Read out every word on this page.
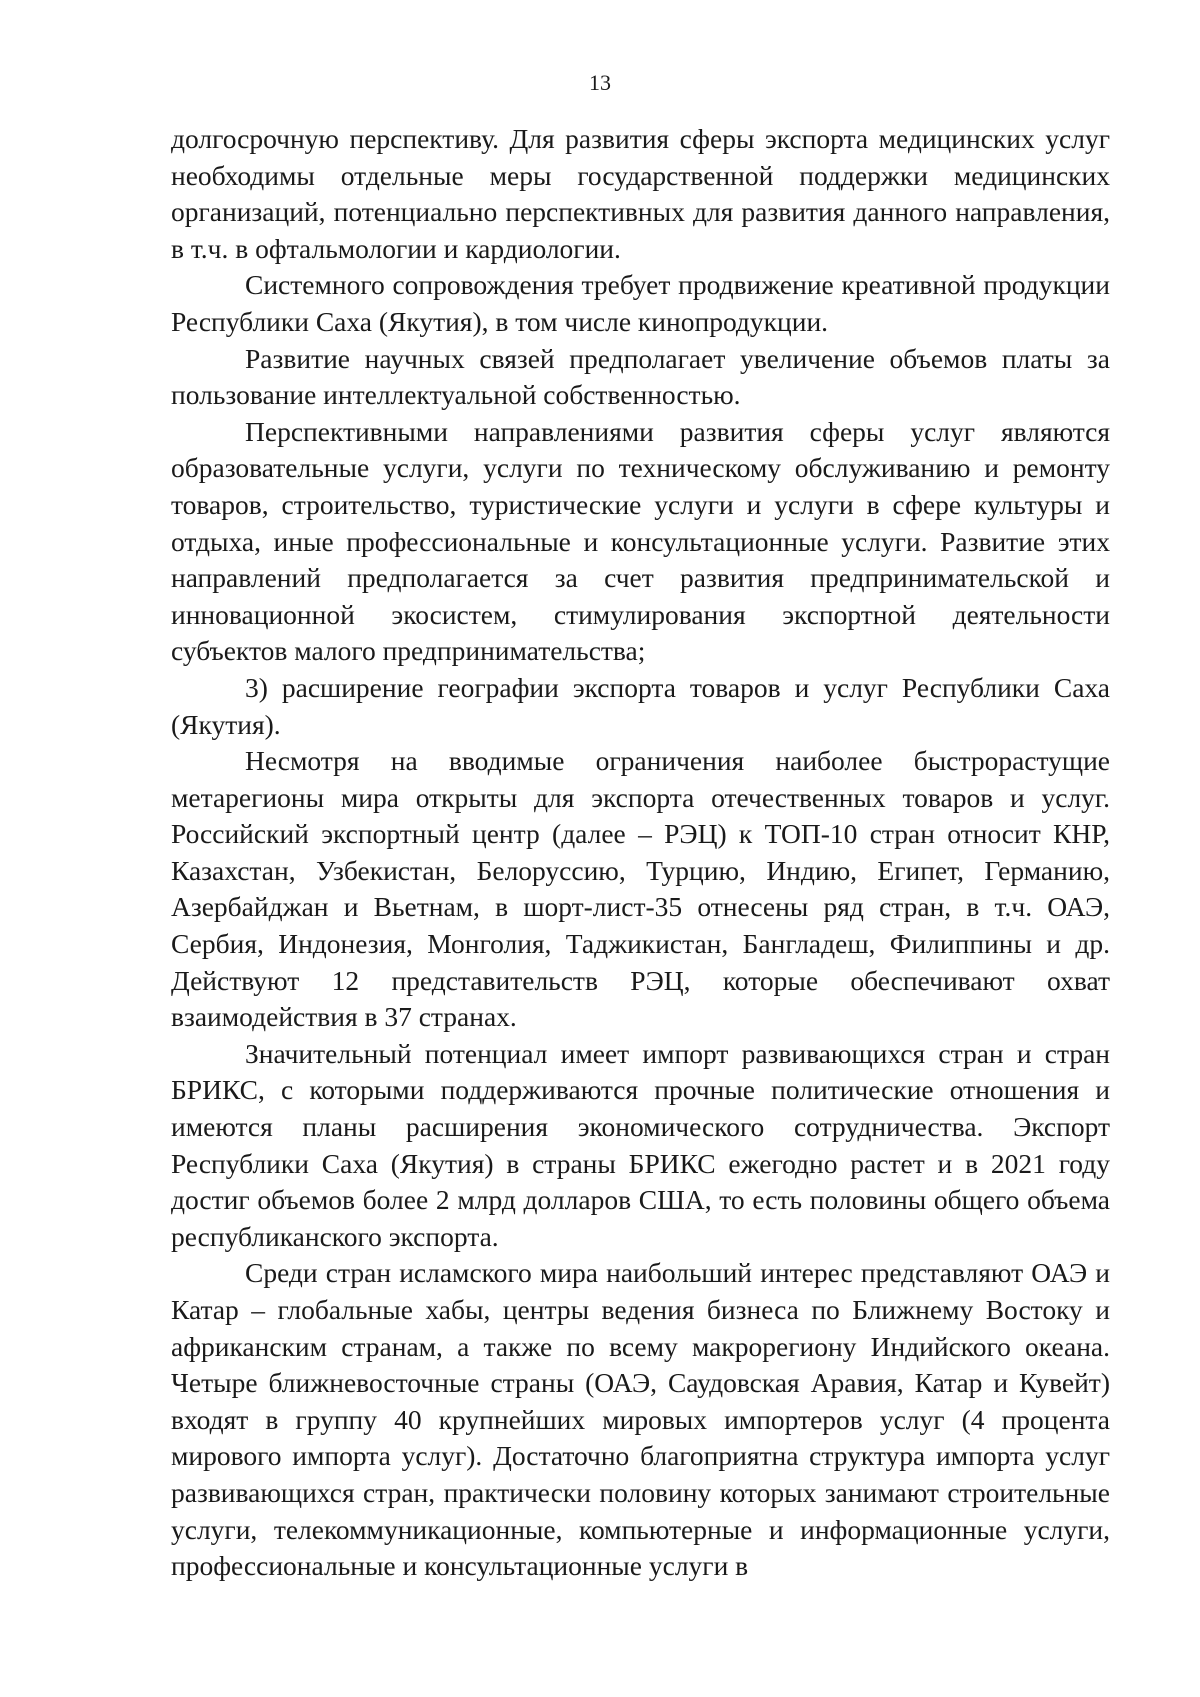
13

долгосрочную перспективу. Для развития сферы экспорта медицинских услуг необходимы отдельные меры государственной поддержки медицинских организаций, потенциально перспективных для развития данного направления, в т.ч. в офтальмологии и кардиологии.

Системного сопровождения требует продвижение креативной продукции Республики Саха (Якутия), в том числе кинопродукции.

Развитие научных связей предполагает увеличение объемов платы за пользование интеллектуальной собственностью.

Перспективными направлениями развития сферы услуг являются образовательные услуги, услуги по техническому обслуживанию и ремонту товаров, строительство, туристические услуги и услуги в сфере культуры и отдыха, иные профессиональные и консультационные услуги. Развитие этих направлений предполагается за счет развития предпринимательской и инновационной экосистем, стимулирования экспортной деятельности субъектов малого предпринимательства;

3) расширение географии экспорта товаров и услуг Республики Саха (Якутия).

Несмотря на вводимые ограничения наиболее быстрорастущие метарегионы мира открыты для экспорта отечественных товаров и услуг. Российский экспортный центр (далее – РЭЦ) к ТОП-10 стран относит КНР, Казахстан, Узбекистан, Белоруссию, Турцию, Индию, Египет, Германию, Азербайджан и Вьетнам, в шорт-лист-35 отнесены ряд стран, в т.ч. ОАЭ, Сербия, Индонезия, Монголия, Таджикистан, Бангладеш, Филиппины и др. Действуют 12 представительств РЭЦ, которые обеспечивают охват взаимодействия в 37 странах.

Значительный потенциал имеет импорт развивающихся стран и стран БРИКС, с которыми поддерживаются прочные политические отношения и имеются планы расширения экономического сотрудничества. Экспорт Республики Саха (Якутия) в страны БРИКС ежегодно растет и в 2021 году достиг объемов более 2 млрд долларов США, то есть половины общего объема республиканского экспорта.

Среди стран исламского мира наибольший интерес представляют ОАЭ и Катар – глобальные хабы, центры ведения бизнеса по Ближнему Востоку и африканским странам, а также по всему макрорегиону Индийского океана. Четыре ближневосточные страны (ОАЭ, Саудовская Аравия, Катар и Кувейт) входят в группу 40 крупнейших мировых импортеров услуг (4 процента мирового импорта услуг). Достаточно благоприятна структура импорта услуг развивающихся стран, практически половину которых занимают строительные услуги, телекоммуникационные, компьютерные и информационные услуги, профессиональные и консультационные услуги в
